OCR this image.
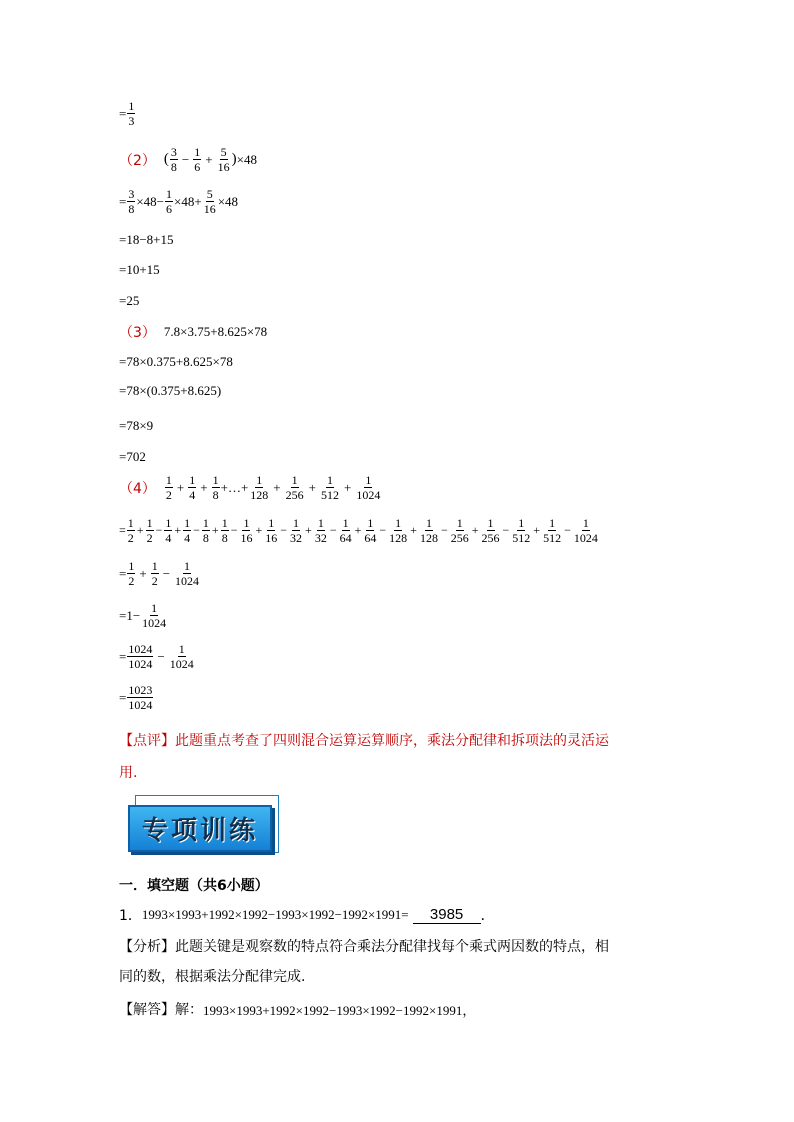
= $\frac{1}{3}$
（2） ( $\frac{3}{8} - \frac{1}{6} + \frac{5}{16}$ ) ×48
= $\frac{3}{8} \times 48- \frac{1}{6} \times 48+ \frac{5}{16} \times 48$
=18−8+15
=10+15
=25
（3） 7.8×3.75+8.625×78
=78×0.375+8.625×78
=78×(0.375+8.625)
=78×9
=702
$(4) \frac{1}{2} + \frac{1}{4} + \frac{1}{8}$ +…+ $\frac{1}{128} + \frac{1}{256} + \frac{1}{512} + \frac{1}{1024}$
= $\frac{1}{2} + \frac{1}{2} - \frac{1}{4} + \frac{1}{4} - \frac{1}{8} + \frac{1}{8} - \frac{1}{16} + \frac{1}{16} - \frac{1}{32} + \frac{1}{32} - \frac{1}{64} + \frac{1}{64} - \frac{1}{128} + \frac{1}{128} - \frac{1}{256} + \frac{1}{256} - \frac{1}{512} + \frac{1}{512} - \frac{1}{1024}$
= $\frac{1}{2} + \frac{1}{2} - \frac{1}{1024}$
$=1- \frac{1}{1024}$
= $\frac{1024}{1024} - \frac{1}{1024}$
= $\frac{1023}{1024}$
【点评】此题重点考查了四则混合运算运算顺序，乘法分配律和拆项法的灵活运
用.
专项训练
一．填空题（共6小题）
1． 1993×1993+1992×1992−1993×1992−1992×1991=	3985	．
【分析】此题关键是观察数的特点符合乘法分配律找每个乘式两因数的特点，相
同的数，根据乘法分配律完成.
【解答】解： 1993×1993+1992×1992−1993×1992−1992×1991，
